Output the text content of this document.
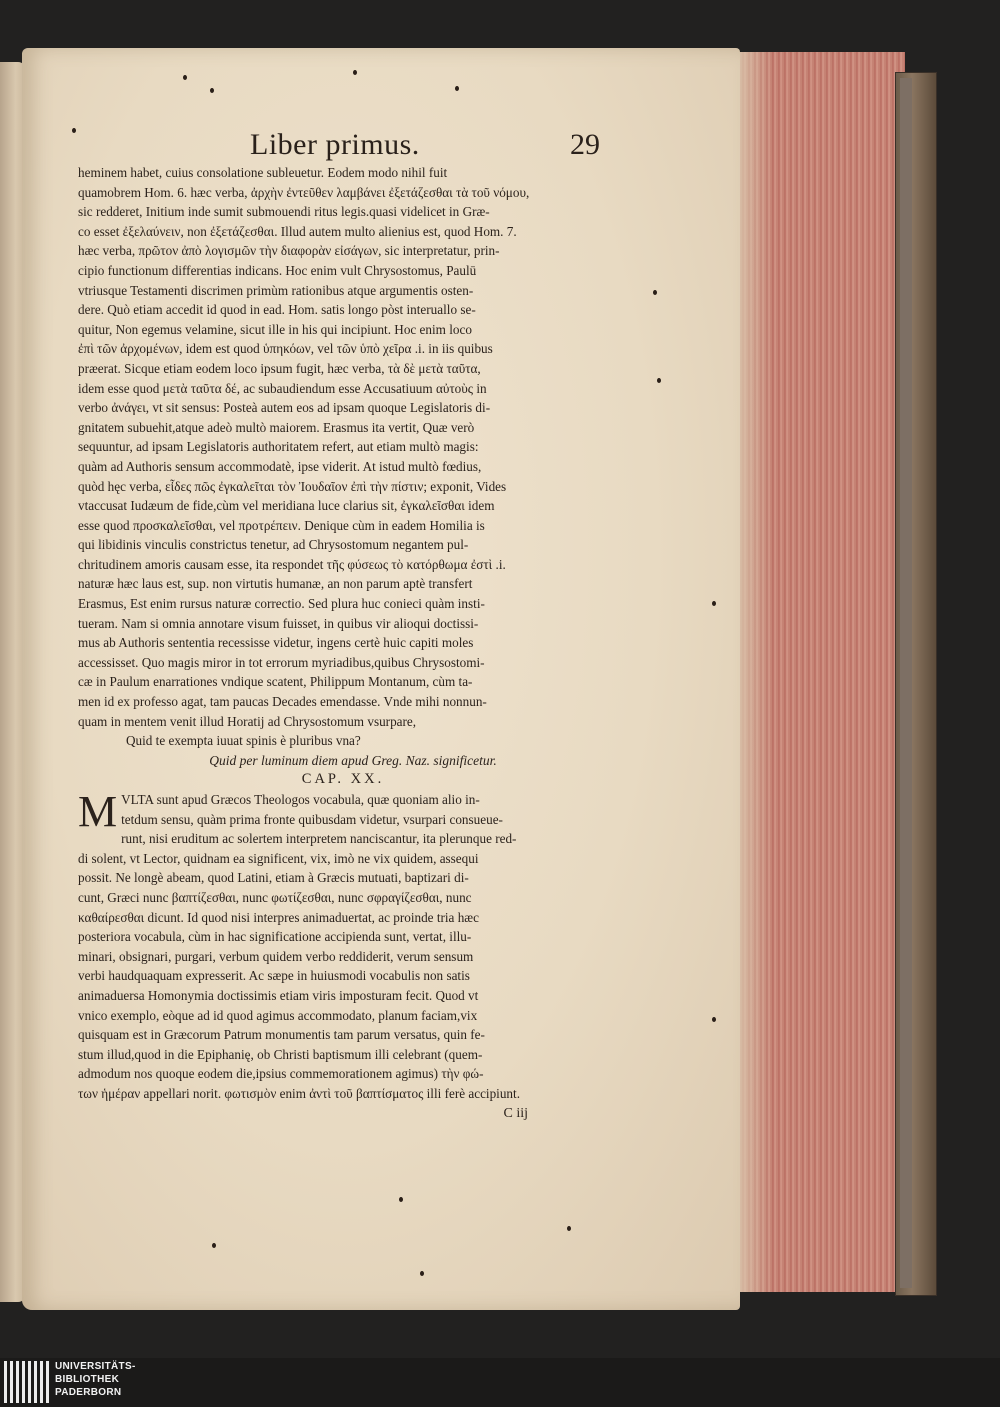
Liber primus.	29
heminem habet, cuius consolatione subleuetur. Eodem modo nihil fuit
quamobrem Hom. 6. hæc verba, ἀρχὴν ἐντεῦθεν λαμβάνει ἐξετάζεσθαι τὰ τοῦ νόμου,
sic redderet, Initium inde sumit submouendi ritus legis.quasi videlicet in Græ-
co esset ἐξελαύνειν, non ἐξετάζεσθαι. Illud autem multo alienius est, quod Hom. 7.
hæc verba, πρῶτον ἀπὸ λογισμῶν τὴν διαφορὰν εἰσάγων, sic interpretatur, prin-
cipio functionum differentias indicans. Hoc enim vult Chrysostomus, Paulū
vtriusque Testamenti discrimen primùm rationibus atque argumentis osten-
dere. Quò etiam accedit id quod in ead. Hom. satis longo pòst interuallo se-
quitur, Non egemus velamine, sicut ille in his qui incipiunt. Hoc enim loco
ἐπὶ τῶν ἀρχομένων, idem est quod ὑπηκόων, vel τῶν ὑπὸ χεῖρα .i. in iis quibus
præerat. Sicque etiam eodem loco ipsum fugit, hæc verba, τὰ δὲ μετὰ ταῦτα,
idem esse quod μετὰ ταῦτα δέ, ac subaudiendum esse Accusatiuum αὐτοὺς in
verbo ἀνάγει, vt sit sensus: Posteà autem eos ad ipsam quoque Legislatoris di-
gnitatem subuehit,atque adeò multò maiorem. Erasmus ita vertit, Quæ verò
sequuntur, ad ipsam Legislatoris authoritatem refert, aut etiam multò magis:
quàm ad Authoris sensum accommodatè, ipse viderit. At istud multò fœdius,
quòd hęc verba, εἶδες πῶς ἐγκαλεῖται τὸν Ἰουδαῖον ἐπὶ τὴν πίστιν; exponit, Vides
vtaccusat Iudæum de fide,cùm vel meridiana luce clarius sit, ἐγκαλεῖσθαι idem
esse quod προσκαλεῖσθαι, vel προτρέπειν. Denique cùm in eadem Homilia is
qui libidinis vinculis constrictus tenetur, ad Chrysostomum negantem pul-
chritudinem amoris causam esse, ita respondet τῆς φύσεως τὸ κατόρθωμα ἐστὶ .i.
naturæ hæc laus est, sup. non virtutis humanæ, an non parum aptè transfert
Erasmus, Est enim rursus naturæ correctio. Sed plura huc conieci quàm insti-
tueram. Nam si omnia annotare visum fuisset, in quibus vir alioqui doctissi-
mus ab Authoris sententia recessisse videtur, ingens certè huic capiti moles
accessisset. Quo magis miror in tot errorum myriadibus,quibus Chrysostomi-
cæ in Paulum enarrationes vndique scatent, Philippum Montanum, cùm ta-
men id ex professo agat, tam paucas Decades emendasse. Vnde mihi nonnun-
quam in mentem venit illud Horatij ad Chrysostomum vsurpare,
Quid te exempta iuuat spinis è pluribus vna?
Quid per luminum diem apud Greg. Naz. significetur.
CAP. XX.
M VLTA sunt apud Græcos Theologos vocabula, quæ quoniam alio in-
tetdum sensu, quàm prima fronte quibusdam videtur, vsurpari consueue-
runt, nisi eruditum ac solertem interpretem nanciscantur, ita plerunque red-
di solent, vt Lector, quidnam ea significent, vix, imò ne vix quidem, assequi
possit. Ne longè abeam, quod Latini, etiam à Græcis mutuati, baptizari di-
cunt, Græci nunc βαπτίζεσθαι, nunc φωτίζεσθαι, nunc σφραγίζεσθαι, nunc
καθαίρεσθαι dicunt. Id quod nisi interpres animaduertat, ac proinde tria hæc
posteriora vocabula, cùm in hac significatione accipienda sunt, vertat, illu-
minari, obsignari, purgari, verbum quidem verbo reddiderit, verum sensum
verbi haudquaquam expresserit. Ac sæpe in huiusmodi vocabulis non satis
animaduersa Homonymia doctissimis etiam viris imposturam fecit. Quod vt
vnico exemplo, eòque ad id quod agimus accommodato, planum faciam,vix
quisquam est in Græcorum Patrum monumentis tam parum versatus, quin fe-
stum illud,quod in die Epiphanię, ob Christi baptismum illi celebrant (quem-
admodum nos quoque eodem die,ipsius commemorationem agimus) τὴν φώ-
των ἡμέραν appellari norit. φωτισμὸν enim ἀντὶ τοῦ βαπτίσματος illi ferè accipiunt.
C iij
UNIVERSITÄTS-
BIBLIOTHEK
PADERBORN
